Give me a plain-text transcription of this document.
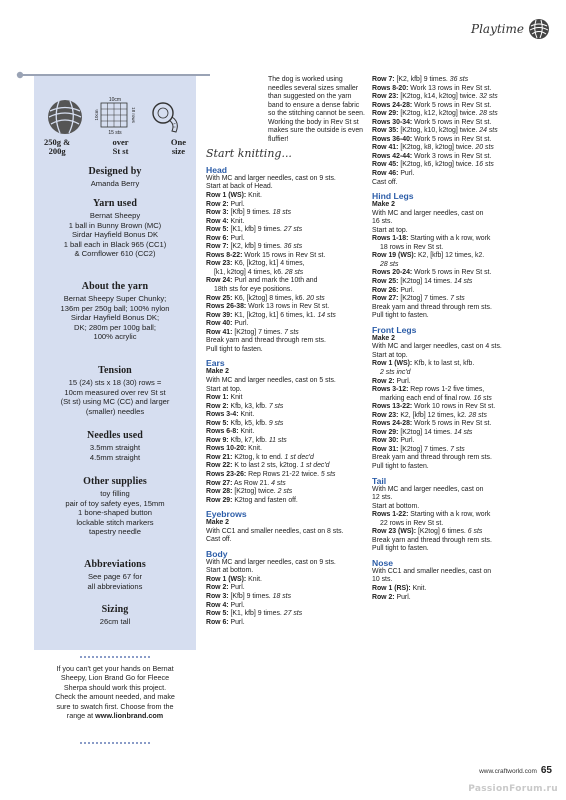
Playtime
10cm
10cm	18 rows
15 sts
250g &
200g
over
St st
One
size
Designed by

Amanda Berry

Yarn used

Bernat Sheepy
1 ball in Bunny Brown (MC)
Sirdar Hayfield Bonus DK
1 ball each in Black 965 (CC1)
& Cornflower 610 (CC2)

About the yarn

Bernat Sheepy Super Chunky;
136m per 250g ball; 100% nylon
Sirdar Hayfield Bonus DK;
DK; 280m per 100g ball;
100% acrylic

Tension

15 (24) sts x 18 (30) rows =
10cm measured over rev St st
(St st) using MC (CC) and larger
(smaller) needles

Needles used

3.5mm straight
4.5mm straight

Other supplies

toy filling
pair of toy safety eyes, 15mm
1 bone-shaped button
lockable stitch markers
tapestry needle

Abbreviations

See page 67 for
all abbreviations

Sizing

26cm tall

If you can't get your hands on Bernat
Sheepy, Lion Brand Go for Fleece
Sherpa should work this project.
Check the amount needed, and make
sure to swatch first. Choose from the
range at www.lionbrand.com

The dog is worked using needles several sizes smaller than suggested on the yarn band to ensure a dense fabric so the stitching cannot be seen. Working the body in Rev St st makes sure the outside is even fluffier!

Start knitting...
Head
With MC and larger needles, cast on 9 sts.
Start at back of Head.
Row 1 (WS): Knit.
Row 2: Purl.
Row 3: [Kfb] 9 times. 18 sts
Row 4: Knit.
Row 5: [K1, kfb] 9 times. 27 sts
Row 6: Purl.
Row 7: [K2, kfb] 9 times. 36 sts
Rows 8-22: Work 15 rows in Rev St st.
Row 23: K6, [k2tog, k1] 4 times,
[k1, k2tog] 4 times, k6. 28 sts
Row 24: Purl and mark the 10th and
18th sts for eye positions.
Row 25: K6, [k2tog] 8 times, k6. 20 sts
Rows 26-38: Work 13 rows in Rev St st.
Row 39: K1, [k2tog, k1] 6 times, k1. 14 sts
Row 40: Purl.
Row 41: [K2tog] 7 times. 7 sts
Break yarn and thread through rem sts.
Pull tight to fasten.
Ears
Make 2
With MC and larger needles, cast on 5 sts.
Start at top.
Row 1: Knit
Row 2: Kfb, k3, kfb. 7 sts
Rows 3-4: Knit.
Row 5: Kfb, k5, kfb. 9 sts
Rows 6-8: Knit.
Row 9: Kfb, k7, kfb. 11 sts
Rows 10-20: Knit.
Row 21: K2tog, k to end. 1 st dec'd
Row 22: K to last 2 sts, k2tog. 1 st dec'd
Rows 23-26: Rep Rows 21-22 twice. 5 sts
Row 27: As Row 21. 4 sts
Row 28: [K2tog] twice. 2 sts
Row 29: K2tog and fasten off.
Eyebrows
Make 2
With CC1 and smaller needles, cast on 8 sts.
Cast off.
Body
With MC and larger needles, cast on 9 sts.
Start at bottom.
Row 1 (WS): Knit.
Row 2: Purl.
Row 3: [Kfb] 9 times. 18 sts
Row 4: Purl.
Row 5: [K1, kfb] 9 times. 27 sts
Row 6: Purl.
Row 7: [K2, kfb] 9 times. 36 sts
Rows 8-20: Work 13 rows in Rev St st.
Row 23: [K2tog, k14, k2tog] twice. 32 sts
Rows 24-28: Work 5 rows in Rev St st.
Row 29: [K2tog, k12, k2tog] twice. 28 sts
Rows 30-34: Work 5 rows in Rev St st.
Row 35: [K2tog, k10, k2tog] twice. 24 sts
Rows 36-40: Work 5 rows in Rev St st.
Row 41: [K2tog, k8, k2tog] twice. 20 sts
Rows 42-44: Work 3 rows in Rev St st.
Row 45: [K2tog, k6, k2tog] twice. 16 sts
Row 46: Purl.
Cast off.
Hind Legs
Make 2
With MC and larger needles, cast on
16 sts.
Start at top.
Rows 1-18: Starting with a k row, work
18 rows in Rev St st.
Row 19 (WS): K2, [kfb] 12 times, k2.
28 sts
Rows 20-24: Work 5 rows in Rev St st.
Row 25: [K2tog] 14 times. 14 sts
Row 26: Purl.
Row 27: [K2tog] 7 times. 7 sts
Break yarn and thread through rem sts.
Pull tight to fasten.
Front Legs
Make 2
With MC and larger needles, cast on 4 sts.
Start at top.
Row 1 (WS): Kfb, k to last st, kfb.
2 sts inc'd
Row 2: Purl.
Rows 3-12: Rep rows 1-2 five times,
marking each end of final row. 16 sts
Rows 13-22: Work 10 rows in Rev St st.
Row 23: K2, [kfb] 12 times, k2. 28 sts
Rows 24-28: Work 5 rows in Rev St st.
Row 29: [K2tog] 14 times. 14 sts
Row 30: Purl.
Row 31: [K2tog] 7 times. 7 sts
Break yarn and thread through rem sts.
Pull tight to fasten.
Tail
With MC and larger needles, cast on
12 sts.
Start at bottom.
Rows 1-22: Starting with a k row, work
22 rows in Rev St st.
Row 23 (WS): [K2tog] 6 times. 6 sts
Break yarn and thread through rem sts.
Pull tight to fasten.
Nose
With CC1 and smaller needles, cast on
10 sts.
Row 1 (RS): Knit.
Row 2: Purl.
www.craftworld.com 65
PassionForum.ru
